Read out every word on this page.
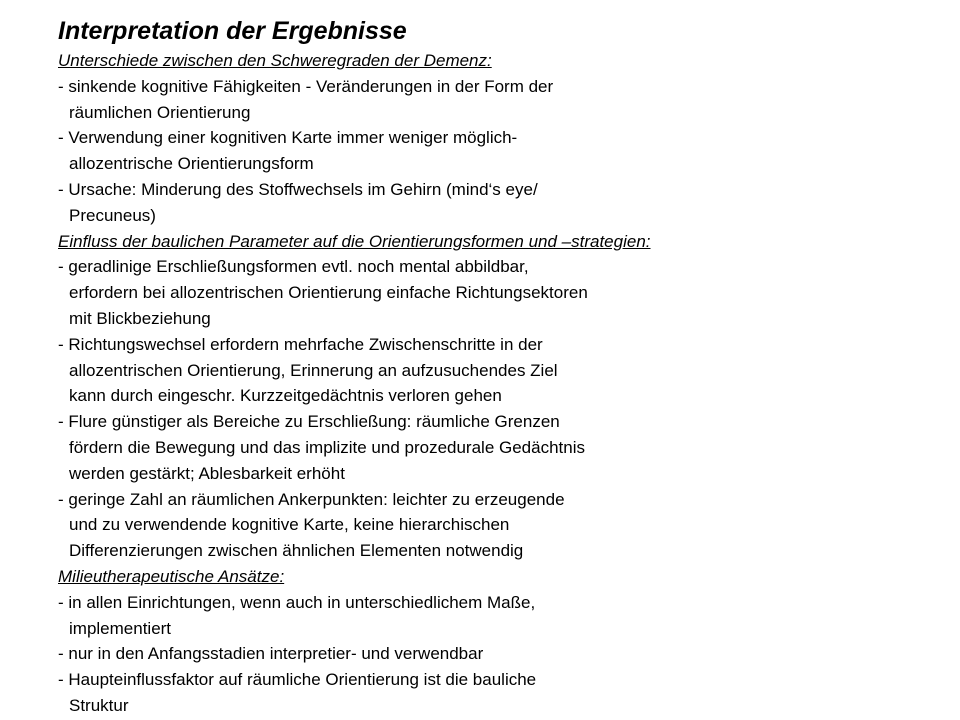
Interpretation der Ergebnisse
Unterschiede zwischen den Schweregraden der Demenz:
- sinkende kognitive Fähigkeiten - Veränderungen in der Form der
räumlichen Orientierung
- Verwendung einer kognitiven Karte immer weniger möglich-
allozentrische Orientierungsform
- Ursache: Minderung des Stoffwechsels im Gehirn (mind‘s eye/
Precuneus)
Einfluss der baulichen Parameter auf die Orientierungsformen und –strategien:
- geradlinige Erschließungsformen evtl. noch mental abbildbar,
erfordern bei allozentrischen Orientierung einfache Richtungsektoren
mit Blickbeziehung
- Richtungswechsel erfordern mehrfache Zwischenschritte in der
allozentrischen Orientierung, Erinnerung an aufzusuchendes Ziel
kann durch eingeschr. Kurzzeitgedächtnis verloren gehen
- Flure günstiger als Bereiche zu Erschließung: räumliche Grenzen
fördern die Bewegung und das implizite und prozedurale Gedächtnis
werden gestärkt; Ablesbarkeit erhöht
- geringe Zahl an räumlichen Ankerpunkten: leichter zu erzeugende
und zu verwendende kognitive Karte, keine hierarchischen
Differenzierungen zwischen ähnlichen Elementen notwendig
Milieutherapeutische Ansätze:
- in allen Einrichtungen, wenn auch in unterschiedlichem Maße,
implementiert
- nur in den Anfangsstadien interpretier- und verwendbar
- Haupteinflussfaktor auf räumliche Orientierung ist die bauliche
Struktur
